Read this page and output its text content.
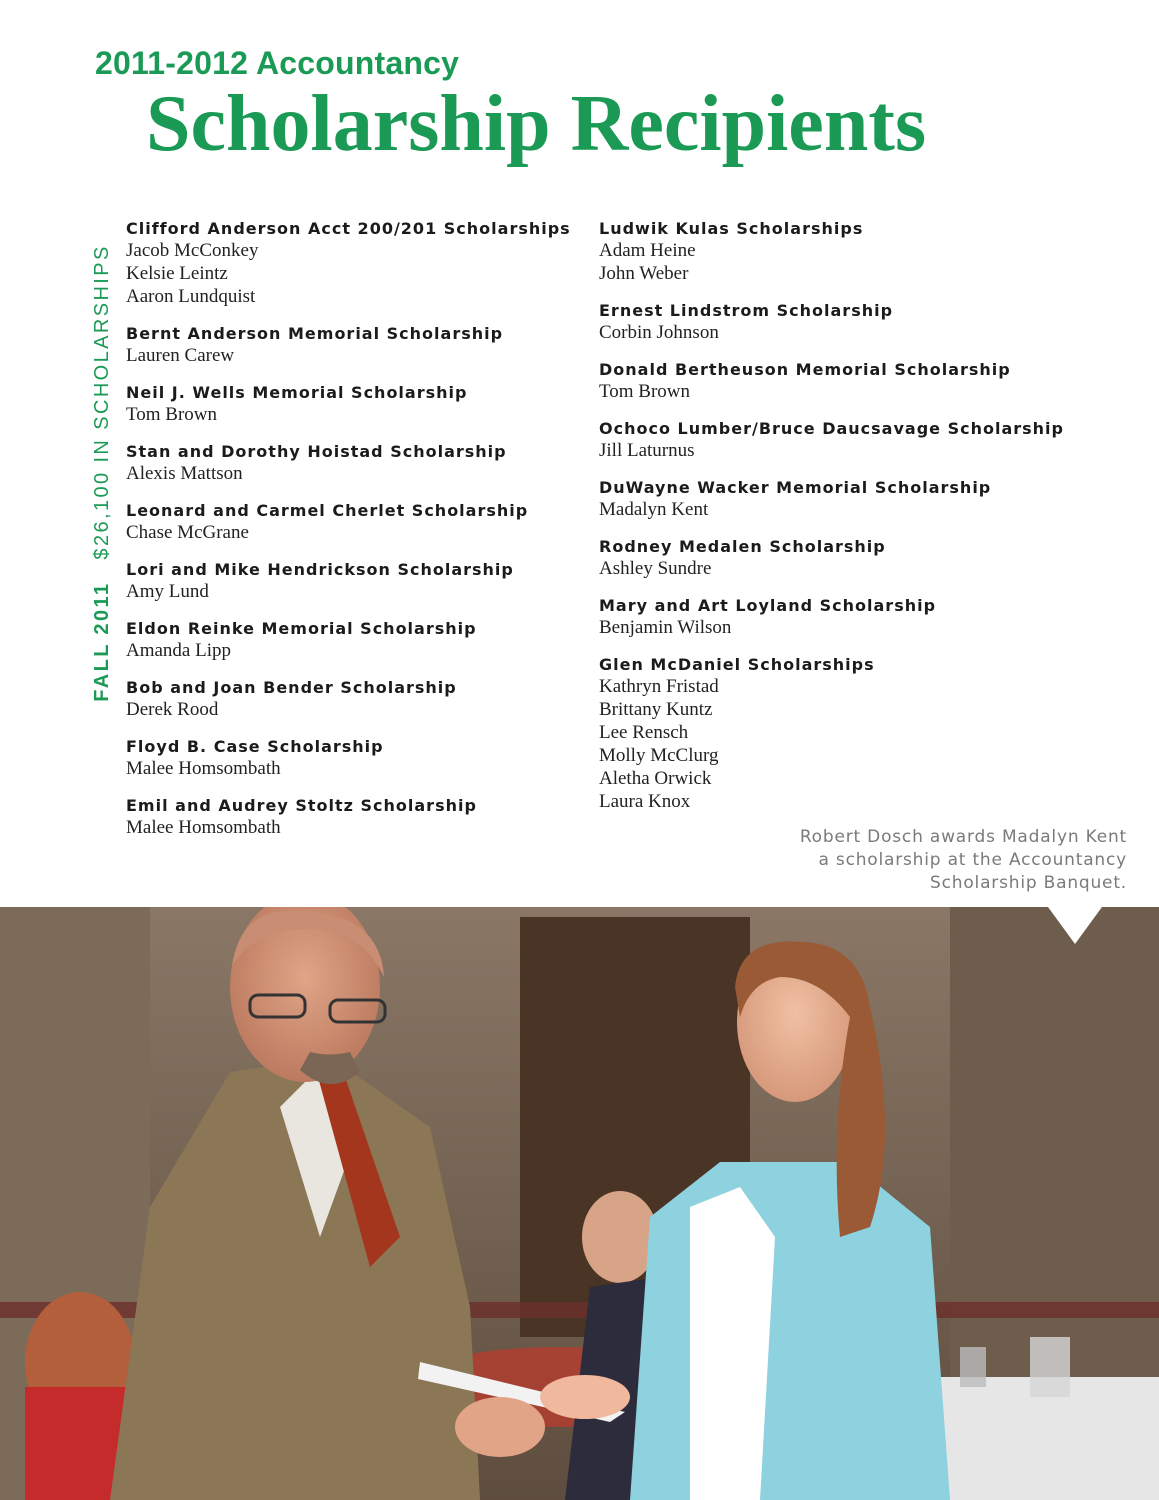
2011-2012 Accountancy
Scholarship Recipients
FALL 2011$26,100 IN SCHOLARSHIPS
Clifford Anderson Acct 200/201 Scholarships
Jacob McConkey
Kelsie Leintz
Aaron Lundquist
Bernt Anderson Memorial Scholarship
Lauren Carew
Neil J. Wells Memorial Scholarship
Tom Brown
Stan and Dorothy Hoistad Scholarship
Alexis Mattson
Leonard and Carmel Cherlet Scholarship
Chase McGrane
Lori and Mike Hendrickson Scholarship
Amy Lund
Eldon Reinke Memorial Scholarship
Amanda Lipp
Bob and Joan Bender Scholarship
Derek Rood
Floyd B. Case Scholarship
Malee Homsombath
Emil and Audrey Stoltz Scholarship
Malee Homsombath
Ludwik Kulas Scholarships
Adam Heine
John Weber
Ernest Lindstrom Scholarship
Corbin Johnson
Donald Bertheuson Memorial Scholarship
Tom Brown
Ochoco Lumber/Bruce Daucsavage Scholarship
Jill Laturnus
DuWayne Wacker Memorial Scholarship
Madalyn Kent
Rodney Medalen Scholarship
Ashley Sundre
Mary and Art Loyland Scholarship
Benjamin Wilson
Glen McDaniel Scholarships
Kathryn Fristad
Brittany Kuntz
Lee Rensch
Molly McClurg
Aletha Orwick
Laura Knox

Robert Dosch awards Madalyn Kent
a scholarship at the Accountancy
Scholarship Banquet.
